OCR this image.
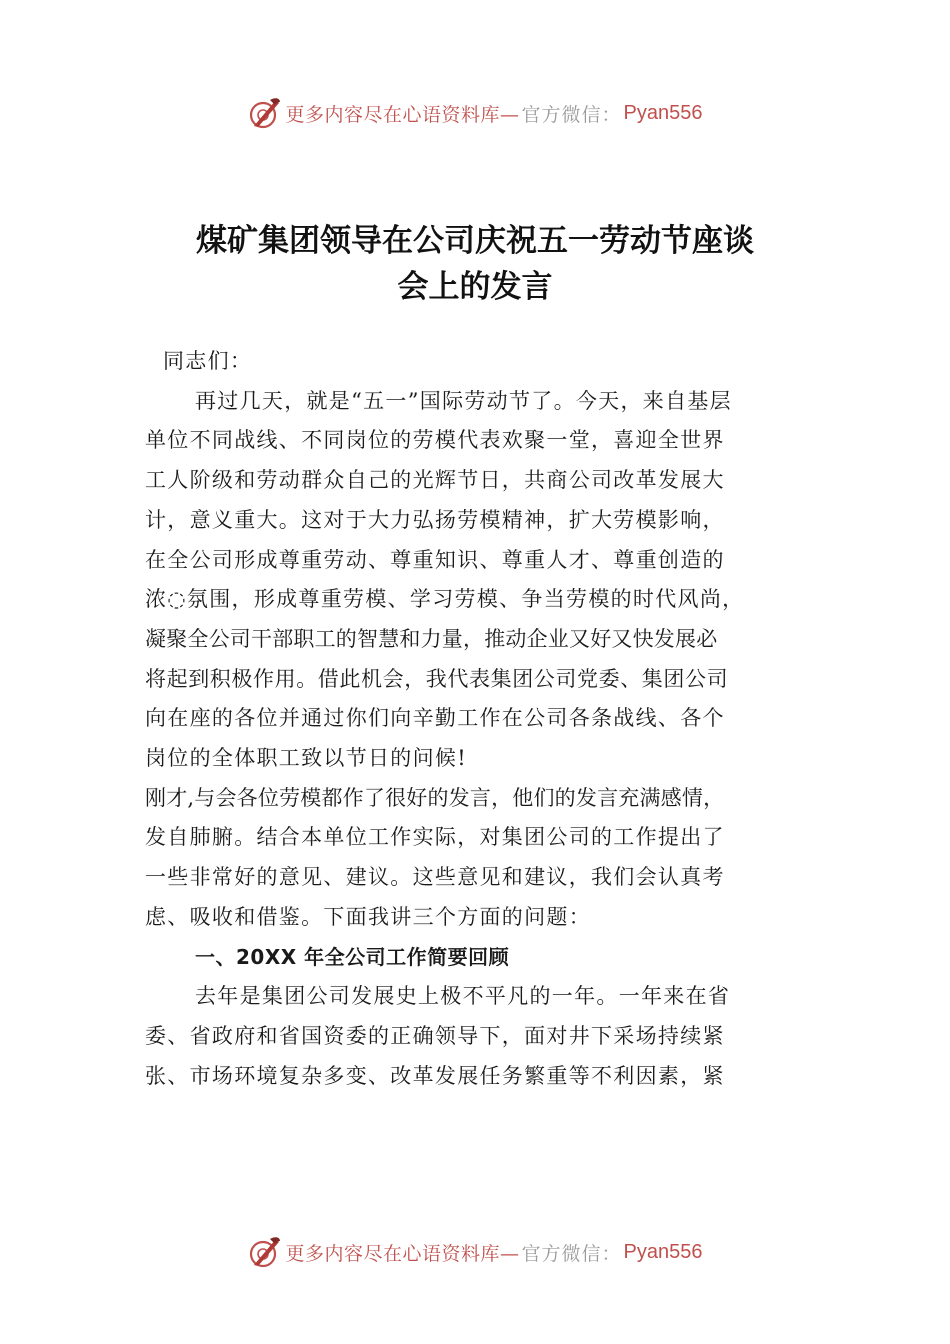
更多内容尽在心语资料库— 官方微信： Pyan556
煤矿集团领导在公司庆祝五一劳动节座谈
会上的发言
同志们：
再过几天，就是“五一”国际劳动节了。今天，来自基层
单位不同战线、不同岗位的劳模代表欢聚一堂，喜迎全世界
工人阶级和劳动群众自己的光辉节日，共商公司改革发展大
计，意义重大。这对于大力弘扬劳模精神，扩大劳模影响，
在全公司形成尊重劳动、尊重知识、尊重人才、尊重创造的
浓◌氛围，形成尊重劳模、学习劳模、争当劳模的时代风尚，
凝聚全公司干部职工的智慧和力量，推动企业又好又快发展必
将起到积极作用。借此机会，我代表集团公司党委、集团公司
向在座的各位并通过你们向辛勤工作在公司各条战线、各个
岗位的全体职工致以节日的问候!
刚才,与会各位劳模都作了很好的发言，他们的发言充满感情，
发自肺腑。结合本单位工作实际，对集团公司的工作提出了
一些非常好的意见、建议。这些意见和建议，我们会认真考
虑、吸收和借鉴。下面我讲三个方面的问题：
一、20XX 年全公司工作简要回顾
去年是集团公司发展史上极不平凡的一年。一年来在省
委、省政府和省国资委的正确领导下，面对井下采场持续紧
张、市场环境复杂多变、改革发展任务繁重等不利因素，紧
更多内容尽在心语资料库— 官方微信： Pyan556
